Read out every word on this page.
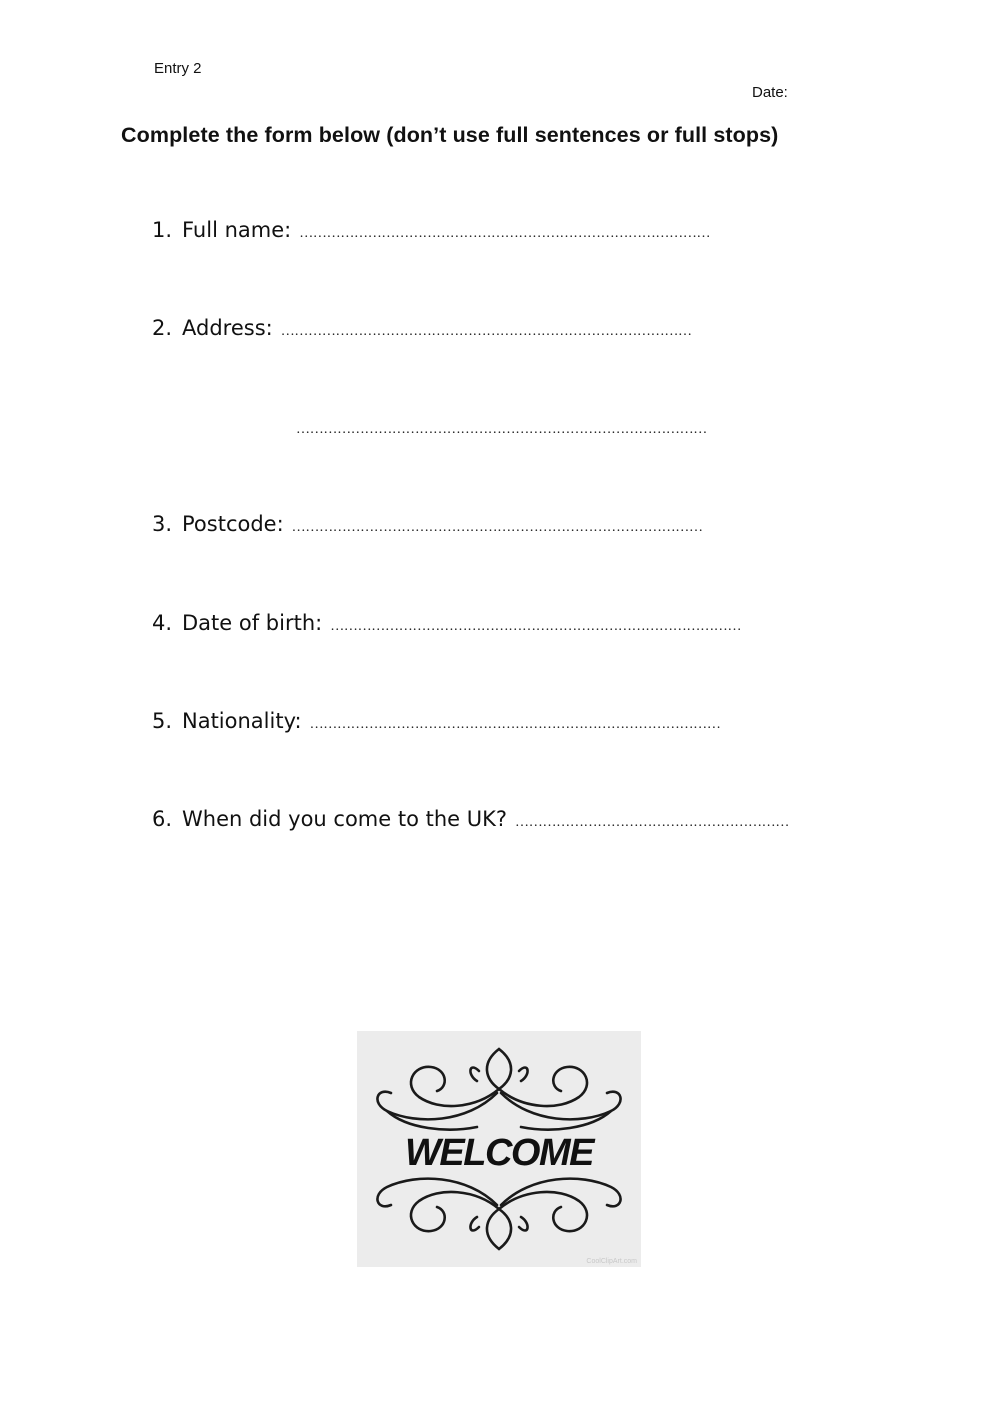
Entry 2
Date:
Complete the form below (don’t use full sentences or full stops)
1. Full name: ………………………………………………………………………………
2. Address: ………………………………………………………………………………
………………………………………………………………………………
3. Postcode: ………………………………………………………………………………
4. Date of birth: ………………………………………………………………………………
5. Nationality: ………………………………………………………………………………
6. When did you come to the UK? ……………………………………………………
WELCOME
CoolClipArt.com
